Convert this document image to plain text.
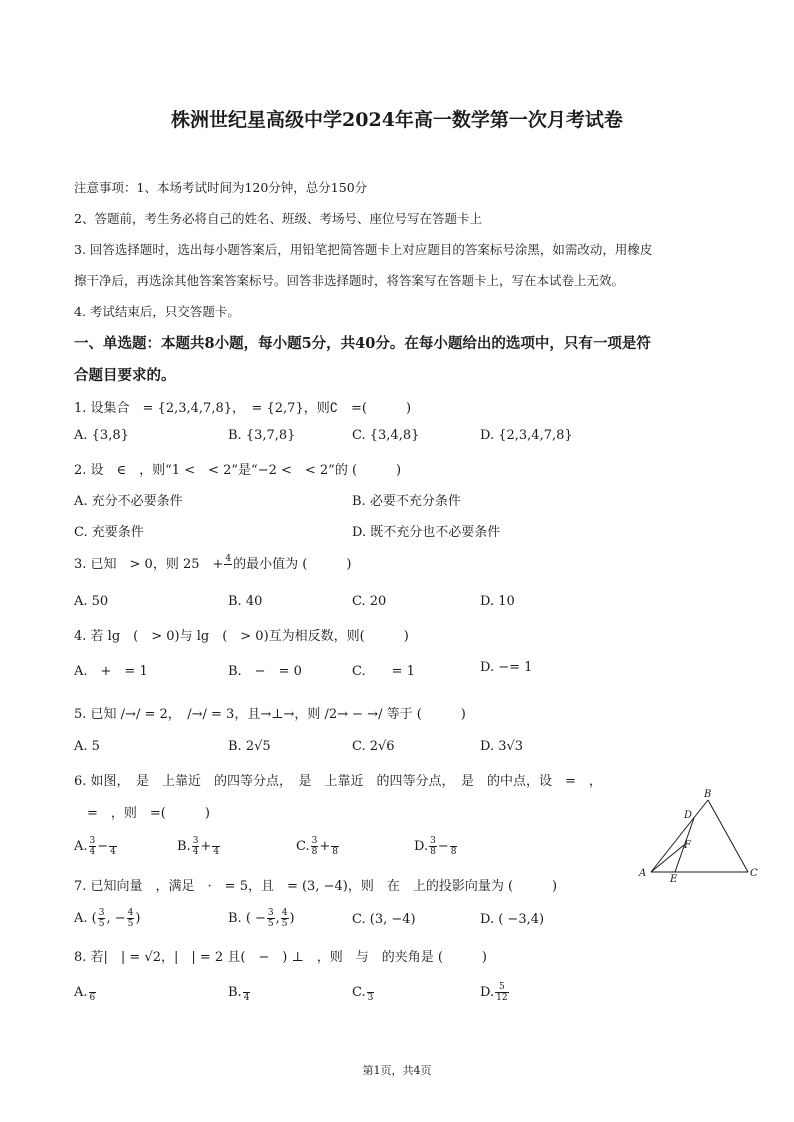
株洲世纪星高级中学2024年高一数学第一次月考试卷
注意事项：1、本场考试时间为120分钟，总分150分
2、答题前，考生务必将自己的姓名、班级、考场号、座位号写在答题卡上
3. 回答选择题时，选出每小题答案后，用铅笔把简答题卡上对应题目的答案标号涂黑，如需改动，用橡皮
擦干净后，再选涂其他答案答案标号。回答非选择题时，将答案写在答题卡上，写在本试卷上无效。
4. 考试结束后，只交答题卡。
一、单选题：本题共8小题，每小题5分，共40分。在每小题给出的选项中，只有一项是符
合题目要求的。
1. 设集合　= {2,3,4,7,8}，　= {2,7}，则∁　=(　　　)
A. {3,8}	B. {3,7,8}	C. {3,4,8}	D. {2,3,4,7,8}
2. 设　∈　，则“1 <　< 2”是“−2 <　< 2”的 (　　　)
A. 充分不必要条件	B. 必要不充分条件
C. 充要条件	D. 既不充分也不必要条件
3. 已知　> 0，则 25　+ 4
的最小值为 (　　　)
A. 50	B. 40	C. 20	D. 10
4. 若 lg　(　> 0)与 lg　(　> 0)互为相反数，则(　　　)
A.　+　= 1	B.　−　= 0	C.　　= 1	D. −= 1
5. 已知 /→/ = 2，　/→/ = 3，且→⊥→，则 /2→ − →/ 等于 (　　　)
A. 5	B. 2√5	C. 2√6	D. 3√3
6. 如图，　是　上靠近　的四等分点，　是　上靠近　的四等分点，　是　的中点，设　=　，
　=　，则　=(　　　)
A. $\frac{3}{4}$ −
4	B. $\frac{3}{4}$ +
4	C. $\frac{3}{8}$ +
8	D. $\frac{3}{8}$ −
8
A
B
C
D
E
F
7. 已知向量　，满足　·　= 5，且　= (3, −4)，则　在　上的投影向量为 (　　　)
A. ( $\frac{3}{5}$ , − $\frac{4}{5}$ )	B. ( − $\frac{3}{5}$ , $\frac{4}{5}$ )	C. (3, −4)	D. ( −3,4)
8. 若|　| = √2，|　| = 2 且(　−　) ⊥　，则　与　的夹角是 (　　　)
A.
6	B.
4	C.
3	D. $\frac{5}{12}$
第1页，共4页
